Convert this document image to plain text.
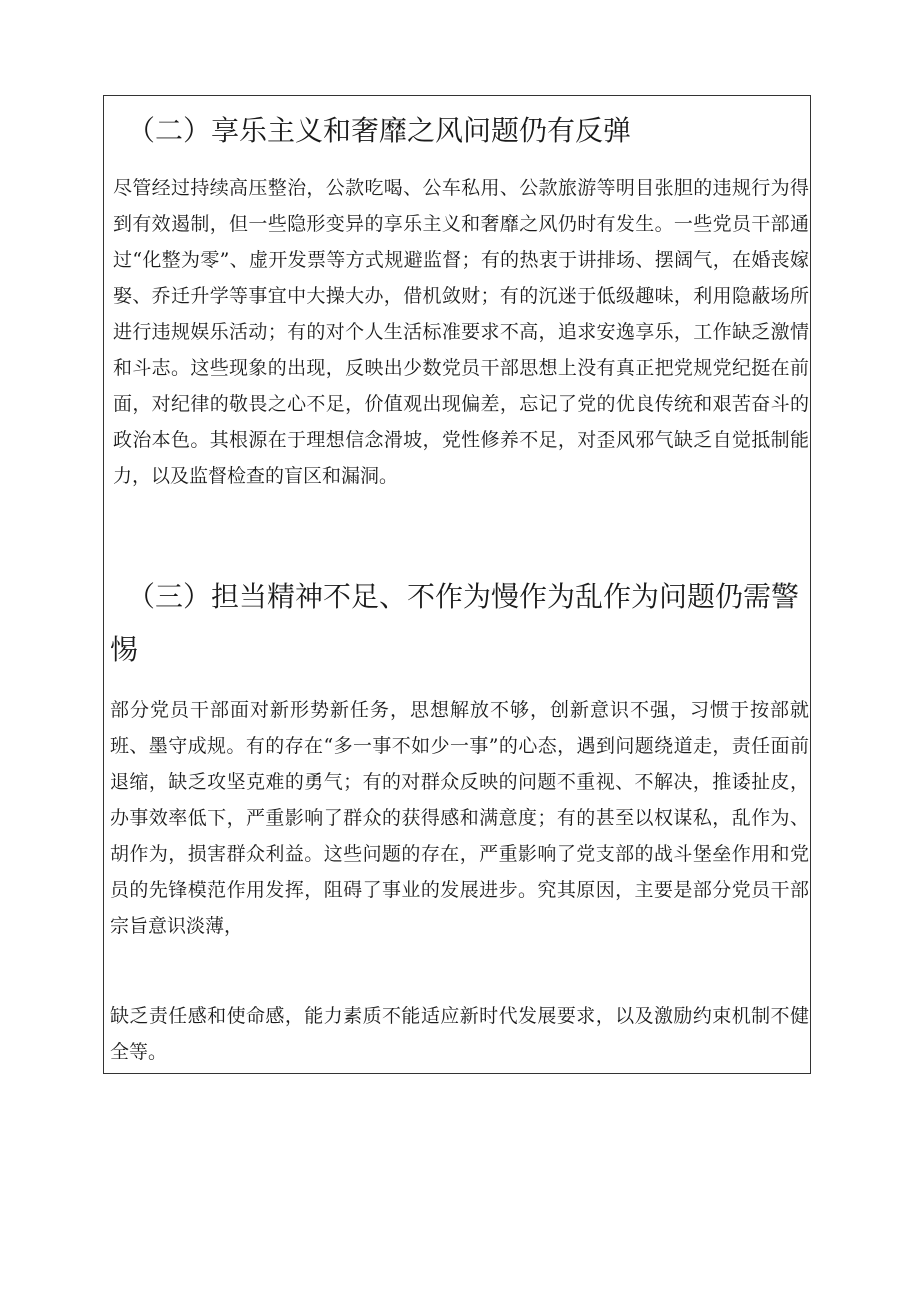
（二）享乐主义和奢靡之风问题仍有反弹

尽管经过持续高压整治，公款吃喝、公车私用、公款旅游等明目张胆的违规行为得到有效遏制，但一些隐形变异的享乐主义和奢靡之风仍时有发生。一些党员干部通过“化整为零”、虚开发票等方式规避监督；有的热衷于讲排场、摆阔气，在婚丧嫁娶、乔迁升学等事宜中大操大办，借机敛财；有的沉迷于低级趣味，利用隐蔽场所进行违规娱乐活动；有的对个人生活标准要求不高，追求安逸享乐，工作缺乏激情和斗志。这些现象的出现，反映出少数党员干部思想上没有真正把党规党纪挺在前面，对纪律的敬畏之心不足，价值观出现偏差，忘记了党的优良传统和艰苦奋斗的政治本色。其根源在于理想信念滑坡，党性修养不足，对歪风邪气缺乏自觉抵制能力，以及监督检查的盲区和漏洞。

（三）担当精神不足、不作为慢作为乱作为问题仍需警
惕

部分党员干部面对新形势新任务，思想解放不够，创新意识不强，习惯于按部就班、墨守成规。有的存在“多一事不如少一事”的心态，遇到问题绕道走，责任面前退缩，缺乏攻坚克难的勇气；有的对群众反映的问题不重视、不解决，推诿扯皮，办事效率低下，严重影响了群众的获得感和满意度；有的甚至以权谋私，乱作为、胡作为，损害群众利益。这些问题的存在，严重影响了党支部的战斗堡垒作用和党员的先锋模范作用发挥，阻碍了事业的发展进步。究其原因，主要是部分党员干部宗旨意识淡薄，

缺乏责任感和使命感，能力素质不能适应新时代发展要求，以及激励约束机制不健全等。
